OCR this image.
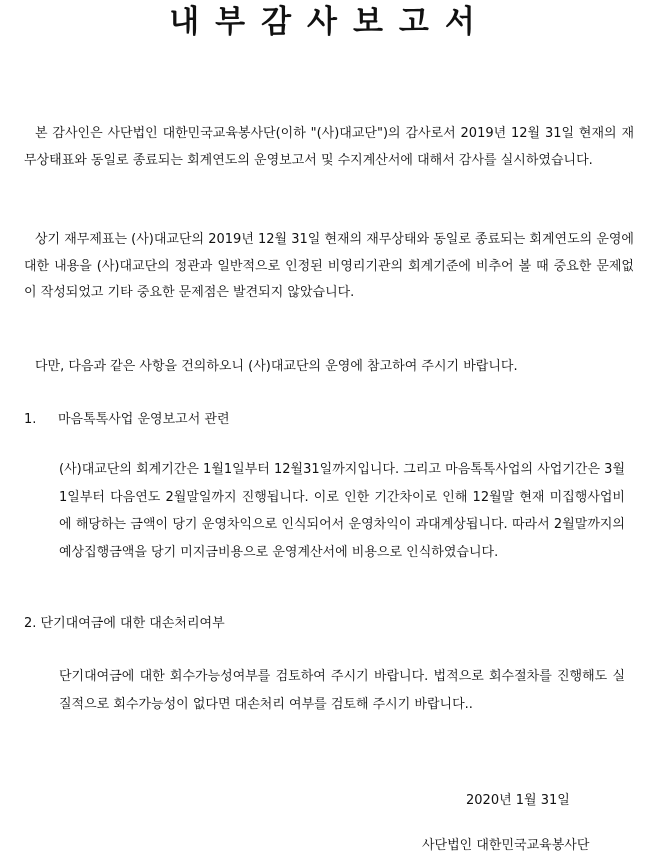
내부감사보고서

본 감사인은 사단법인 대한민국교육봉사단(이하 "(사)대교단")의 감사로서 2019년 12월 31일 현재의 재무상태표와 동일로 종료되는 회계연도의 운영보고서 및 수지계산서에 대해서 감사를 실시하였습니다.

상기 재무제표는 (사)대교단의 2019년 12월 31일 현재의 재무상태와 동일로 종료되는 회계연도의 운영에 대한 내용을 (사)대교단의 정관과 일반적으로 인정된 비영리기관의 회계기준에 비추어 볼 때 중요한 문제없이 작성되었고 기타 중요한 문제점은 발견되지 않았습니다.

다만, 다음과 같은 사항을 건의하오니 (사)대교단의 운영에 참고하여 주시기 바랍니다.

1. 마음톡톡사업 운영보고서 관련

(사)대교단의 회계기간은 1월1일부터 12월31일까지입니다. 그리고 마음톡톡사업의 사업기간은 3월1일부터 다음연도 2월말일까지 진행됩니다. 이로 인한 기간차이로 인해 12월말 현재 미집행사업비에 해당하는 금액이 당기 운영차익으로 인식되어서 운영차익이 과대계상됩니다. 따라서 2월말까지의 예상집행금액을 당기 미지금비용으로 운영계산서에 비용으로 인식하였습니다.

2. 단기대여금에 대한 대손처리여부

단기대여금에 대한 회수가능성여부를 검토하여 주시기 바랍니다. 법적으로 회수절차를 진행해도 실질적으로 회수가능성이 없다면 대손처리 여부를 검토해 주시기 바랍니다..

2020년 1월 31일

사단법인 대한민국교육봉사단
